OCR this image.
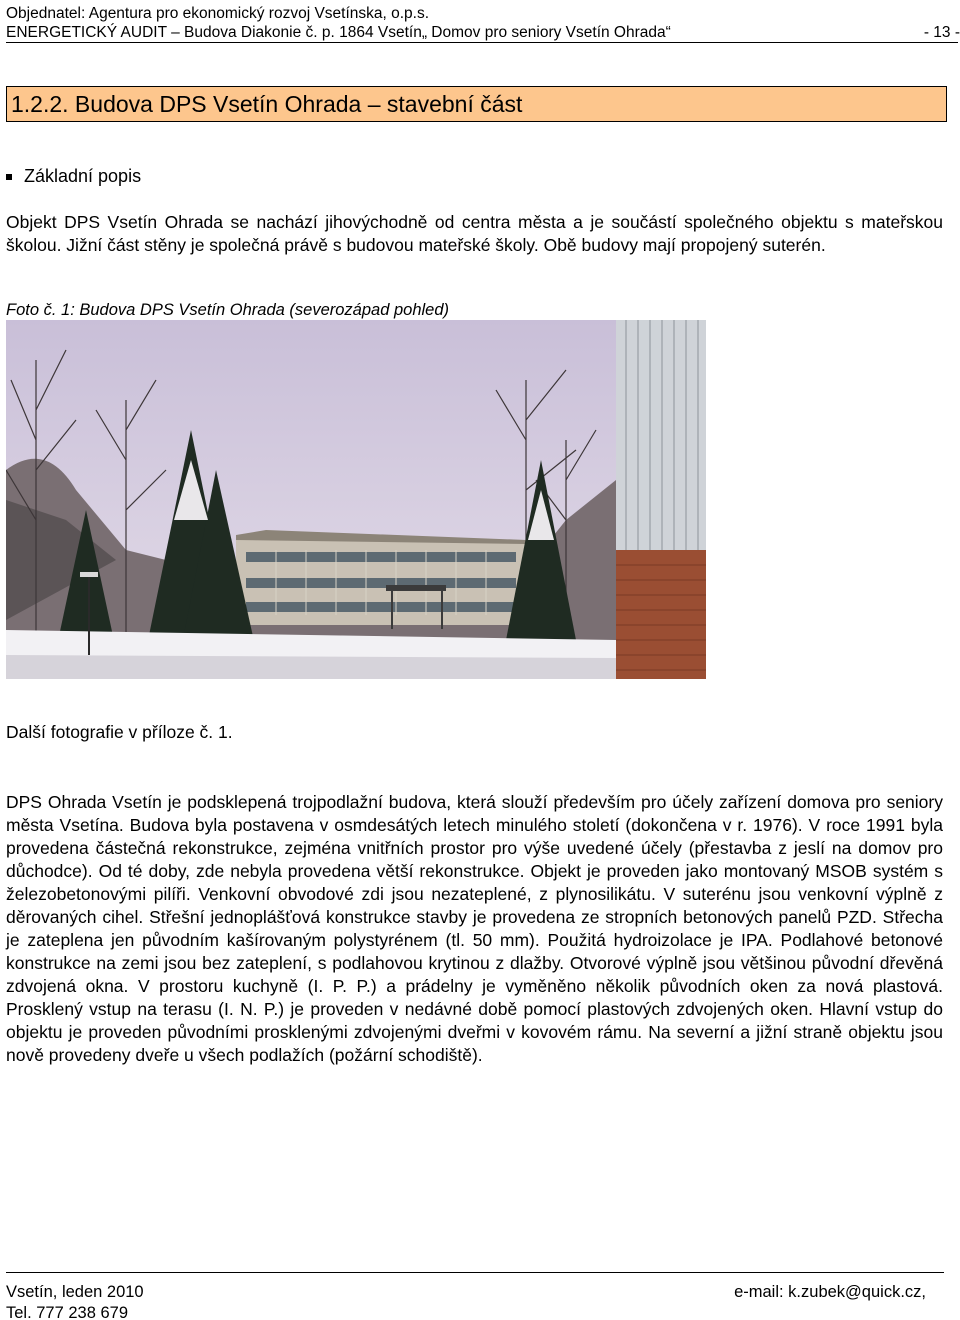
Objednatel: Agentura pro ekonomický rozvoj Vsetínska, o.p.s.
ENERGETICKÝ AUDIT – Budova Diakonie č. p. 1864 Vsetín„ Domov pro seniory Vsetín Ohrada“	- 13 -
1.2.2. Budova DPS Vsetín Ohrada – stavební část
Základní popis
Objekt DPS Vsetín Ohrada se nachází jihovýchodně od centra města a je součástí společného objektu s mateřskou školou. Jižní část stěny je společná právě s budovou mateřské školy. Obě budovy mají propojený suterén.
Foto č. 1: Budova DPS Vsetín Ohrada (severozápad pohled)
Další fotografie v příloze č. 1.
DPS Ohrada Vsetín je podsklepená trojpodlažní budova, která slouží především pro účely zařízení domova pro seniory města Vsetína. Budova byla postavena v osmdesátých letech minulého století (dokončena v r. 1976). V roce 1991 byla provedena částečná rekonstrukce, zejména vnitřních prostor pro výše uvedené účely (přestavba z jeslí na domov pro důchodce). Od té doby, zde nebyla provedena větší rekonstrukce. Objekt je proveden jako montovaný MSOB systém s železobetonovými pilíři. Venkovní obvodové zdi jsou nezateplené, z plynosilikátu. V suterénu jsou venkovní výplně z děrovaných cihel. Střešní jednoplášťová konstrukce stavby je provedena ze stropních betonových panelů PZD. Střecha je zateplena jen původním kašírovaným polystyrénem (tl. 50 mm). Použitá hydroizolace je IPA. Podlahové betonové konstrukce na zemi jsou bez zateplení, s podlahovou krytinou z dlažby. Otvorové výplně jsou většinou původní dřevěná zdvojená okna. V prostoru kuchyně (I. P. P.) a prádelny je vyměněno několik původních oken za nová plastová. Prosklený vstup na terasu (I. N. P.) je proveden v nedávné době pomocí plastových zdvojených oken. Hlavní vstup do objektu je proveden původními prosklenými zdvojenými dveřmi v kovovém rámu. Na severní a jižní straně objektu jsou nově provedeny dveře u všech podlažích (požární schodiště).
Vsetín, leden 2010	e-mail: k.zubek@quick.cz,
Tel. 777 238 679
